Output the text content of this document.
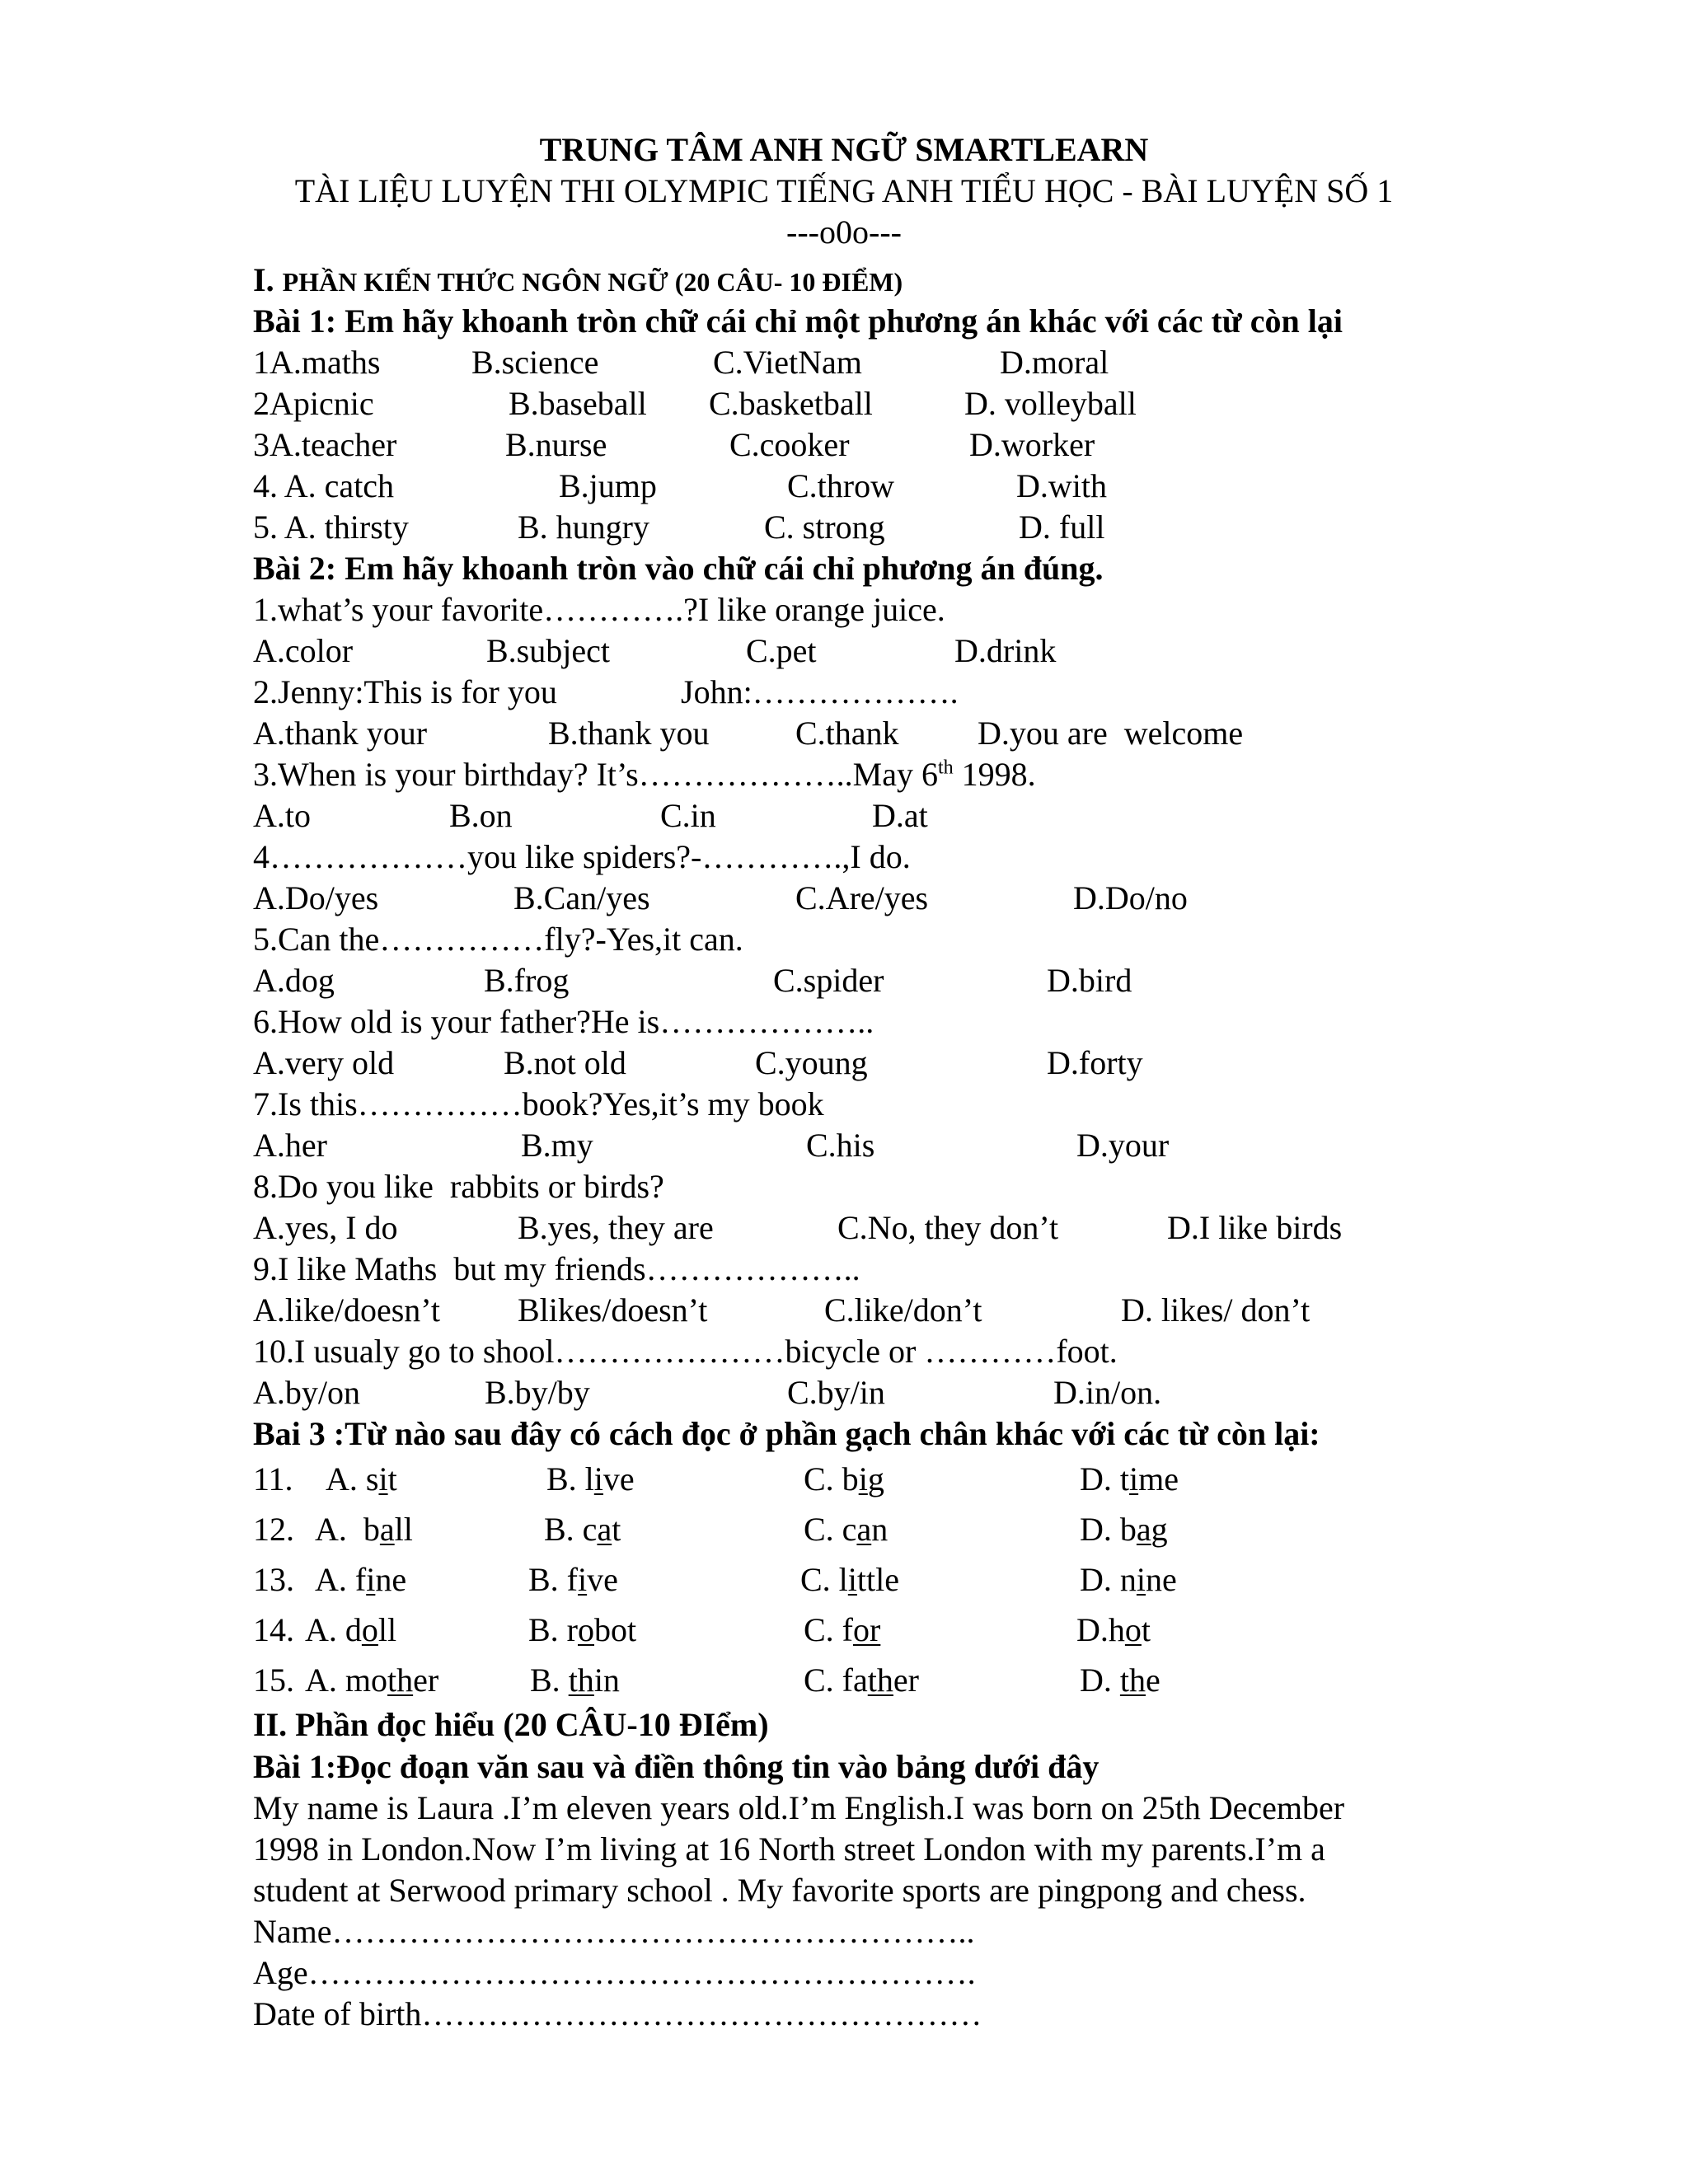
TRUNG TÂM ANH NGỮ SMARTLEARN
TÀI LIỆU LUYỆN THI OLYMPIC TIẾNG ANH TIỂU HỌC - BÀI LUYỆN SỐ 1
---o0o---
I. PHẦN KIẾN THỨC NGÔN NGỮ (20 CÂU- 10 ĐIỂM)
Bài 1: Em hãy khoanh tròn chữ cái chỉ một phương án khác với các từ còn lại
1A.maths	B.science	C.VietNam	D.moral
2Apicnic	B.baseball C.basketball	D. volleyball
3A.teacher	B.nurse	C.cooker	D.worker
4. A. catch	B.jump	C.throw	D.with
5. A. thirsty	B. hungry	C. strong	D. full
Bài 2: Em hãy khoanh tròn vào chữ cái chỉ phương án đúng.
1.what’s your favorite………….?I like orange juice.
A.color	B.subject	C.pet	D.drink
2.Jenny:This is for you	John:……………….
A.thank your	B.thank you	C.thank D.you are  welcome
3.When is your birthday? It’s………………..May 6th 1998.
A.to	B.on	C.in	D.at
4………………you like spiders?-………….,I do.
A.Do/yes	B.Can/yes	C.Are/yes	D.Do/no
5.Can the……………fly?-Yes,it can.
A.dog	B.frog	C.spider	D.bird
6.How old is your father?He is………………..
A.very old	B.not old	C.young	D.forty
7.Is this……………book?Yes,it’s my book
A.her	B.my	C.his	D.your
8.Do you like  rabbits or birds?
A.yes, I do	B.yes, they are	C.No, they don’t	D.I like birds
9.I like Maths  but my friends………………..
A.like/doesn’t Blikes/doesn’t	C.like/don’t	D. likes/ don’t
10.I usualy go to shool…………………bicycle or …………foot.
A.by/on	B.by/by	C.by/in	D.in/on.
Bai 3 :Từ nào sau đây có cách đọc ở phần gạch chân khác với các từ còn lại:
11. A. sit	B. live	C. big	D. time
12. A.  ball	B. cat	C. can	D. bag
13. A. fine	B. five	C. little	D. nine
14. A. doll	B. robot	C. for	D.hot
15. A. mother	B. thin	C. father	D. the
II. Phần đọc hiểu (20 CÂU-10 ĐIểm)
Bài 1:Đọc đoạn văn sau và điền thông tin vào bảng dưới đây
My name is Laura .I’m eleven years old.I’m English.I was born on 25th December
1998 in London.Now I’m living at 16 North street London with my parents.I’m a
student at Serwood primary school . My favorite sports are pingpong and chess.
Name…………………………………………………..
Age…………………………………………………….
Date of birth……………………………………………
